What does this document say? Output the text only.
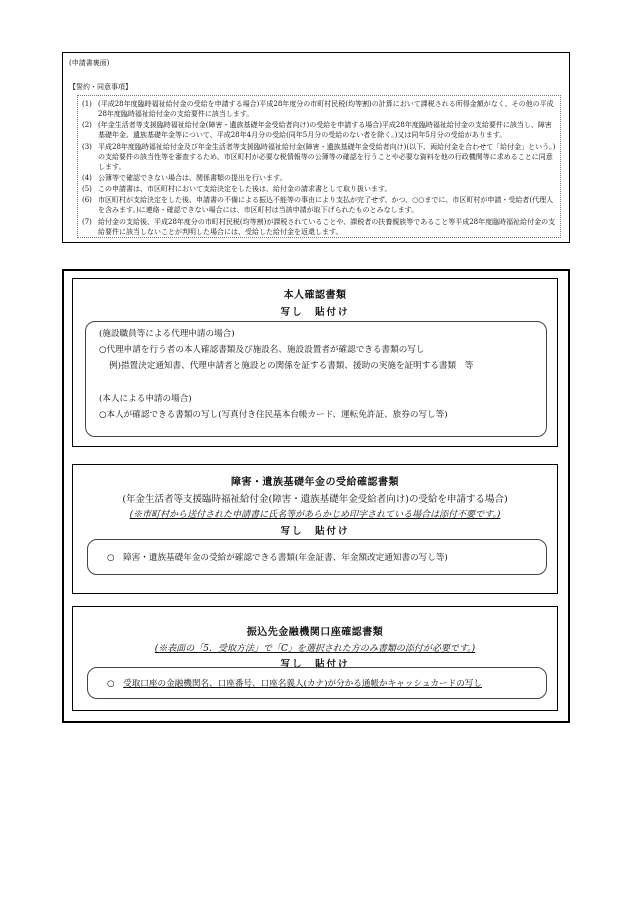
(申請書裏面)
【誓約・同意事項】
(1) (平成28年度臨時福祉給付金の受給を申請する場合)平成28年度分の市町村民税(均等割)の計算において課税される所得金額がなく、その他の平成28年度臨時福祉給付金の支給要件に該当します。
(2) (年金生活者等支援臨時福祉給付金(障害・遺族基礎年金受給者向け)の受給を申請する場合)平成28年度臨時福祉給付金の支給要件に該当し、障害基礎年金、遺族基礎年金等について、平成28年4月分の受給(同年5月分の受給のない者を除く。)又は同年5月分の受給があります。
(3) 平成28年度臨時福祉給付金及び年金生活者等支援臨時福祉給付金(障害・遺族基礎年金受給者向け)(以下、両給付金を合わせて「給付金」という。)の支給要件の該当性等を審査するため、市区町村が必要な税情報等の公簿等の確認を行うことや必要な資料を他の行政機関等に求めることに同意します。
(4) 公簿等で確認できない場合は、関係書類の提出を行います。
(5) この申請書は、市区町村において支給決定をした後は、給付金の請求書として取り扱います。
(6) 市区町村が支給決定をした後、申請書の不備による振込不能等の事由により支払が完了せず、かつ、○○までに、市区町村が申請・受給者(代理人を含みます。)に連絡・確認できない場合には、市区町村は当該申請が取下げられたものとみなします。
(7) 給付金の支給後、平成28年度分の市町村民税(均等割)が課税されていることや、課税者の扶養親族等であること等平成28年度臨時福祉給付金の支給要件に該当しないことが判明した場合には、受給した給付金を返還します。
本人確認書類
写し　貼付け
(施設職員等による代理申請の場合)
○代理申請を行う者の本人確認書類及び施設名、施設設置者が確認できる書類の写し
例)措置決定通知書、代理申請者と施設との関係を証する書類、援助の実施を証明する書類　等
(本人による申請の場合)
○本人が確認できる書類の写し(写真付き住民基本台帳カード、運転免許証、旅券の写し等)
障害・遺族基礎年金の受給確認書類
(年金生活者等支援臨時福祉給付金(障害・遺族基礎年金受給者向け)の受給を申請する場合)
(※市町村から送付された申請書に氏名等があらかじめ印字されている場合は添付不要です。)
写し　貼付け
○　障害・遺族基礎年金の受給が確認できる書類(年金証書、年金額改定通知書の写し等)
振込先金融機関口座確認書類
(※表面の「5．受取方法」で「C」を選択された方のみ書類の添付が必要です。)
写し　貼付け
○　 受取口座の金融機関名、口座番号、口座名義人(カナ)が分かる通帳かキャッシュカードの写し
